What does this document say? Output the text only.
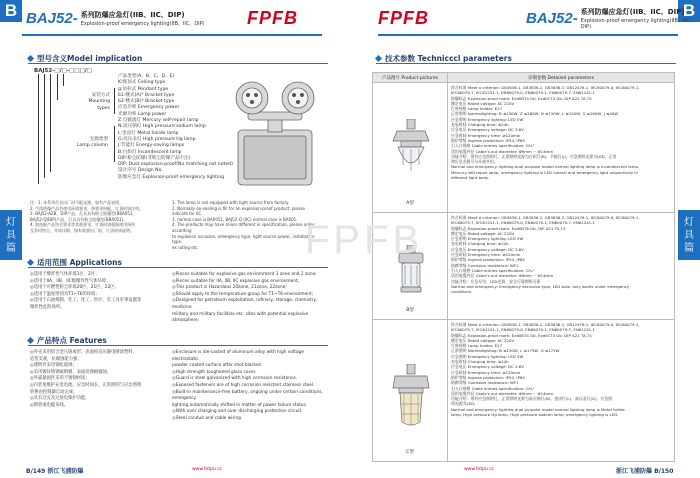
B	B
灯
具
篇
灯
具
篇
BAJ52- 系列防爆应急灯(IIB、IIC、DIP)
Explosion-proof emergency lighting(IIB、IIC、DIP) FPFB	FPFB	BAJ52- 系列防爆应急灯(IIB、IIC、DIP)
Explosion-proof emergency lighting(IIB、IIC、DIP)
型号含义Model implication
BAJ52-□/□-□□□/□
安装方式
Mounting types
光源类型
Lamp column
产品类型(A、B、C、D、E)
K:吸顶式 Ceiling type
g:吊杆式 Pendant type
b1:楼式(A)* Bracket type
b2:楼式(B)* Bracket type
应急功率 Emergency power
光源功率 Lamp power
Z:自镇流灯 Mercury self-repair lamp
N:高压钠灯 High pressure sodium lamp
L:金卤灯 Metal halide lamp
G:高压汞灯 High pressure Hg lamp
J:节能灯 Energy-saving lamps
B:白炽灯 Incandescent lamp
DIP:粉尘防爆(非粉尘防爆产品不注)
DIP: Dust explosion-proof(No matching not noted)
设计序号 Design No.
防爆应急灯 Explosion-proof emergency lighting
注：1. 本系列灯具出厂时不配光源，如有产品说明。
2. 气体防爆产品有使用环境要求，按要求时配，订货时请注明。
3. BAJ52-AZB、DIP产品，灯具具有粉尘防爆型(BBA051，
BAJ52-Q(DIP)产品，灯具具有粉尘防爆型(BBA051)。
4. 如选配产品符合要求等其他要求，订货时请根据使用场所
及各项特点，并请详细，如有需要出厂前，订货时请说明。
1. The lamp is not equipped with light source from factory.
2. Normally on-sealing is fill for an explosion-proof product. please indicate for IIC.
3. normal case is BA0051, BAJ52-Q (IIC) normal case is BA001.
4. The products may have minor different in specification, please order according
to explosion occasion, emergency type, light source power, installation type,
ex rating etc.
适用范围 Applications
◎适用于爆炸性气体环境1区、2区；
◎适用于IIA、IIB、IIC级爆炸性气体环境；
◎适用于可燃性粉尘环境20区、21区、22区；
◎适用于温度组别为T1~T6的环境；
◎适用于石油炼制、化工、化工、医疗、军工及军事设施等
爆炸性危险场所。
◎Pieces suitable for explosive gas environment 1 zone and 2 zone;
◎Pieces suitable for IIA, IIB, IIC explosive gas environment;
◎This product is Hazardous 20zone, 21zone, 22zone;
◎Should apply to the temperature group for T1~T6 environment;
◎Designed for petroleum exploitation, refinery, storage, chemistry, medicine
military and military facilities etc. sites with potential explosive atmosphere.
产品特点 Features
◎外壳采用铝合金压铸成形，表面经高压静电喷涂塑料，
造型美观，抗腐蚀能力强；
◎透明件采用钢化玻璃；
◎采用镀锌铸钢或钢板，表面处理耐腐蚀；
◎外露紧固件采用不锈钢材质；
◎内装免维护充电电池，应急时间长，正常照明与应急照明
转换由控制器自动完成；
◎具有过充及过放电保护功能，
◎钢管或电缆布线。
◎Enclosure is die-casted of aluminum alloy with high voltage electrostatic
powder coated surface after shot blasted.
◎High strength toughened glass cover.
◎Guard is steel galvanized with high corrosion resistance.
◎Exposed fasteners are of high corrosion resistant stainless steel.
◎Built-in maintenance-free battery, ongoing under certain conditions, emergency
lighting automatically shifted in matter of power failure status.
◎With over charging and over discharging protection circuit.
◎Steel conduit and cable wiring.
技术参数 Technicccl parameters
产品图片 Product pictures	详细参数 Detailed parameters
A型
符合标准 Meet a criterion: GB3836.1, GB3836.2, GB3836.3, GB12476.1, IEC60079-0, IEC60079-1,
IEC60079-7, IEC61241-1, EN60079-0, EN60079-1, EN60079-7, EN61241-1
防爆标志 Explosion-proof mark: ExdIIBT4 Gb, ExdIICT4 Gb, DIP A21 TA,T4
额定电压 Rated voltage: AC 220V
灯座规格 Lamp holder: E27
正常照明 Normallighting: B ≤150W, Z ≤160W, N ≤150W, L ≤150W, G ≤160W, J ≤40W
应急照明 Emergency lighting: LED 5W
充电时间 Charging time: ≤24h
应急电压 Emergency voltage: DC 3.6V
应急时间 Emergency time: ≥120min
防护等级 Ingress protection: IP54, IP65
引入口规格 Cable entries specification: G¾"
适用电缆外径 Cable's out diameter: Φ9mm ~ Φ14mm
功能介绍：带有应急照明灯，正常照明光源为白炽灯(B)、节能灯(J)，应急照明光源为LED，正常
和应急光源可分开或共用。
Normal and emergency: lighting dual purpose model normal lighting lamp is Incandescent lamp,
Mercury self-repair lamp, emergency lighting is LED normal and emergency light respectively in
different light body.
B型
符合标准 Meet a criterion: GB3836.1, GB3836.2, GB3836.3, GB12476.1, IEC60079-0, IEC60079-1,
IEC60079-7, IEC61241-1, EN60079-0, EN60079-1, EN60079-7, EN61241-1
防爆标志 Explosion-proof mark: ExdIIBT6 Gb, DIP A21 TA,T4
额定电压 Rated voltage: AC 220V
应急照明 Emergency lighting: LED 5W
充电时间 Charging time: ≤24h
应急电压 Emergency voltage: DC 3.6V
应急时间 Emergency time: ≥120min
防护等级 Ingress protection: IP54, IP65
防腐等级 Corrosion resistance: WF1
引入口规格 Cable entries specification: G¾"
适用电缆外径 Cable's out diameter: Φ9mm ~ Φ14mm
功能介绍：应急专用，LED光源，安全可靠照明可靠
Normal and emergency: Emergency exclusive type, LED bulb, only works under emergency
conditions.
C型
符合标准 Meet a criterion: GB3836.1, GB3836.2, GB3836.3, GB12476.1, IEC60079-0, IEC60079-1,
IEC60079-7, IEC61241-1, EN60079-0, EN60079-1, EN60079-7, EN61241-1
防爆标志 Explosion-proof mark: ExdIIBT4 Gb, ExdIICT4 Gb, DIP A21 TA,T4
额定电压 Rated voltage: AC 220V
灯座规格 Lamp holder: E27
正常照明 Normallighting: N ≤150W, L ≤175W, G ≤175W
应急照明 Emergency lighting: LED 5W
充电时间 Charging time: ≤24h
应急电压 Emergency voltage: DC 3.6V
应急时间 Emergency time: ≥120min
防护等级 Ingress protection: IP54, IP65
防腐等级 Corrosion resistance: WF1
引入口规格 Cable entries specification: G¾"
适用电缆外径 Cable's out diameter: Φ9mm ~ Φ14mm
功能介绍：带有应急照明灯，正常照明光源为高压钠灯(N)、金卤灯(L)、高压汞灯(G)，应急照
明光源为LED。
Normal and emergency: lighting dual purpose model normal lighting lamp is Metal halide
lamp, High pressure Hg lamp, High pressure sodium lamp, emergency lighting is LED.
FPFB
B/149 浙江飞浦防爆	www.fetpu.cc	www.fetpu.cc	浙江飞浦防爆 B/150
